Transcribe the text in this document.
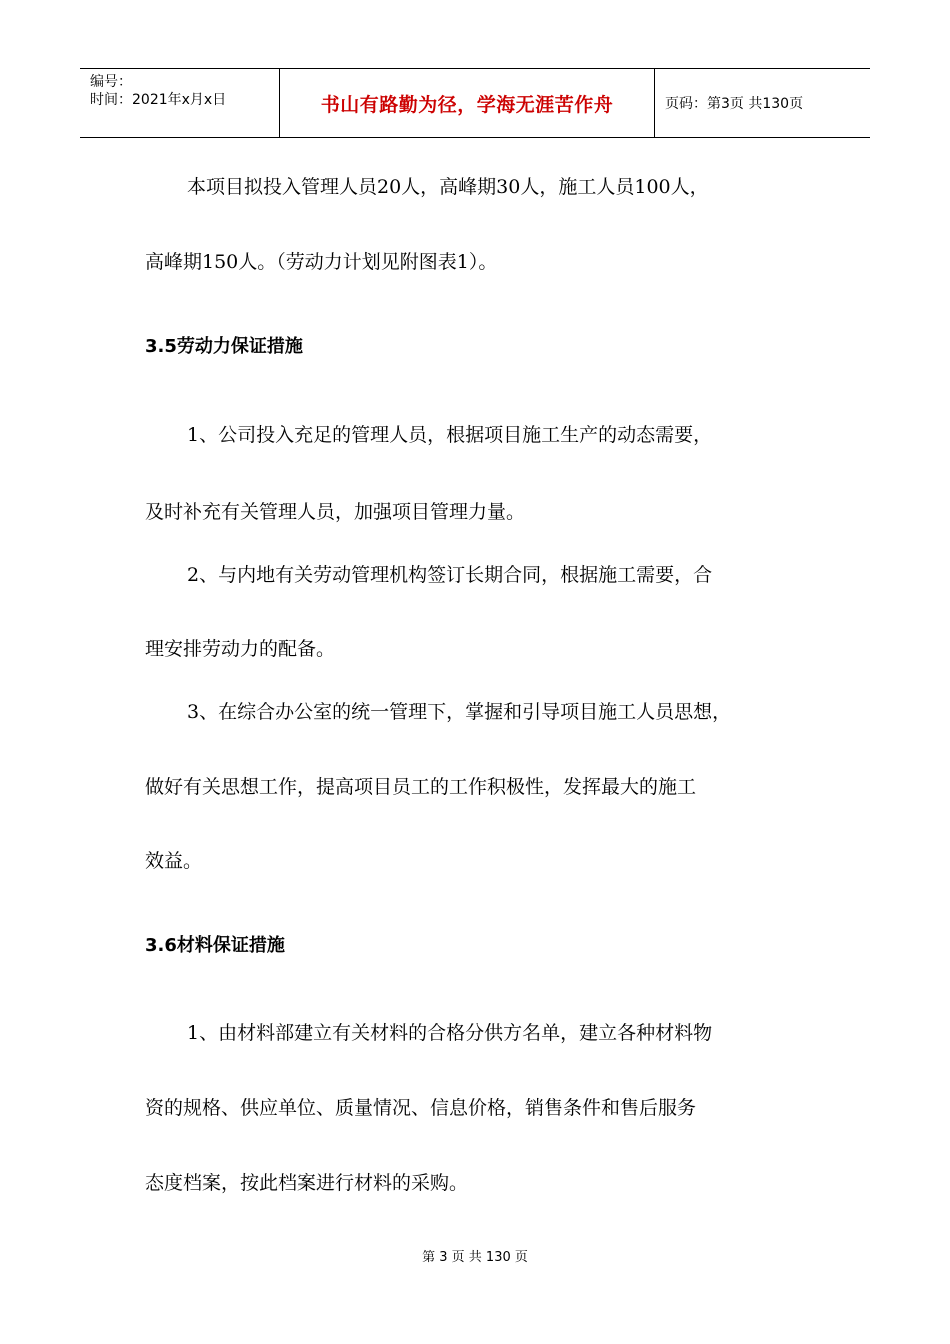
编号：
时间：2021年x月x日	书山有路勤为径，学海无涯苦作舟	页码：第3页 共130页
本项目拟投入管理人员20人，高峰期30人，施工人员100人，
高峰期150人。（劳动力计划见附图表1）。
3.5劳动力保证措施
1、公司投入充足的管理人员，根据项目施工生产的动态需要，
及时补充有关管理人员，加强项目管理力量。
2、与内地有关劳动管理机构签订长期合同，根据施工需要，合
理安排劳动力的配备。
3、在综合办公室的统一管理下，掌握和引导项目施工人员思想，
做好有关思想工作，提高项目员工的工作积极性，发挥最大的施工
效益。
3.6材料保证措施
1、由材料部建立有关材料的合格分供方名单，建立各种材料物
资的规格、供应单位、质量情况、信息价格，销售条件和售后服务
态度档案，按此档案进行材料的采购。
第 3 页 共 130 页
